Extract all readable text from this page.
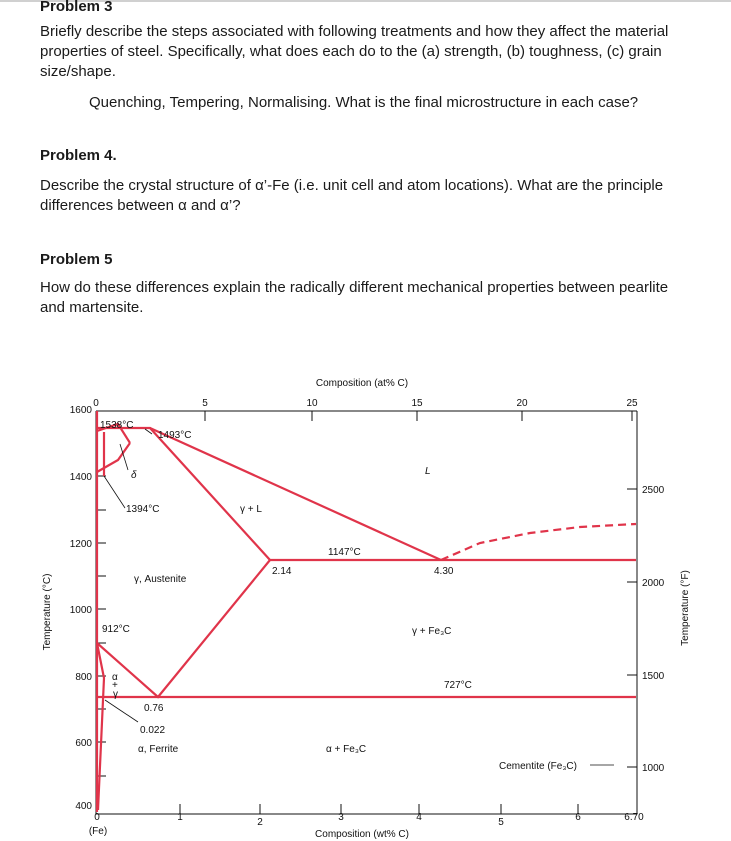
Problem 3
Briefly describe the steps associated with following treatments and how they affect the material
properties of steel. Specifically, what does each do to the (a) strength, (b) toughness, (c) grain
size/shape.
Quenching, Tempering, Normalising. What is the final microstructure in each case?
Problem 4.
Describe the crystal structure of α’-Fe (i.e. unit cell and atom locations). What are the principle
differences between α and α’?
Problem 5
How do these differences explain the radically different mechanical properties between pearlite
and martensite.
Composition (at% C)
0	5	10	15	20	25
1600
1400
1200
1000
800
600
400
Temperature (°C)
2500
2000
1500
1000
Temperature (°F)
0	1	2	3	4	5	6	6.70
(Fe)	Composition (wt% C)
1538°C
1493°C
δ
1394°C	γ + L
L
1147°C
2.14	4.30
γ, Austenite
912°C	γ + Fe₃C
α
+
γ
727°C
0.76
0.022
α, Ferrite	α + Fe₃C
Cementite (Fe₃C)
